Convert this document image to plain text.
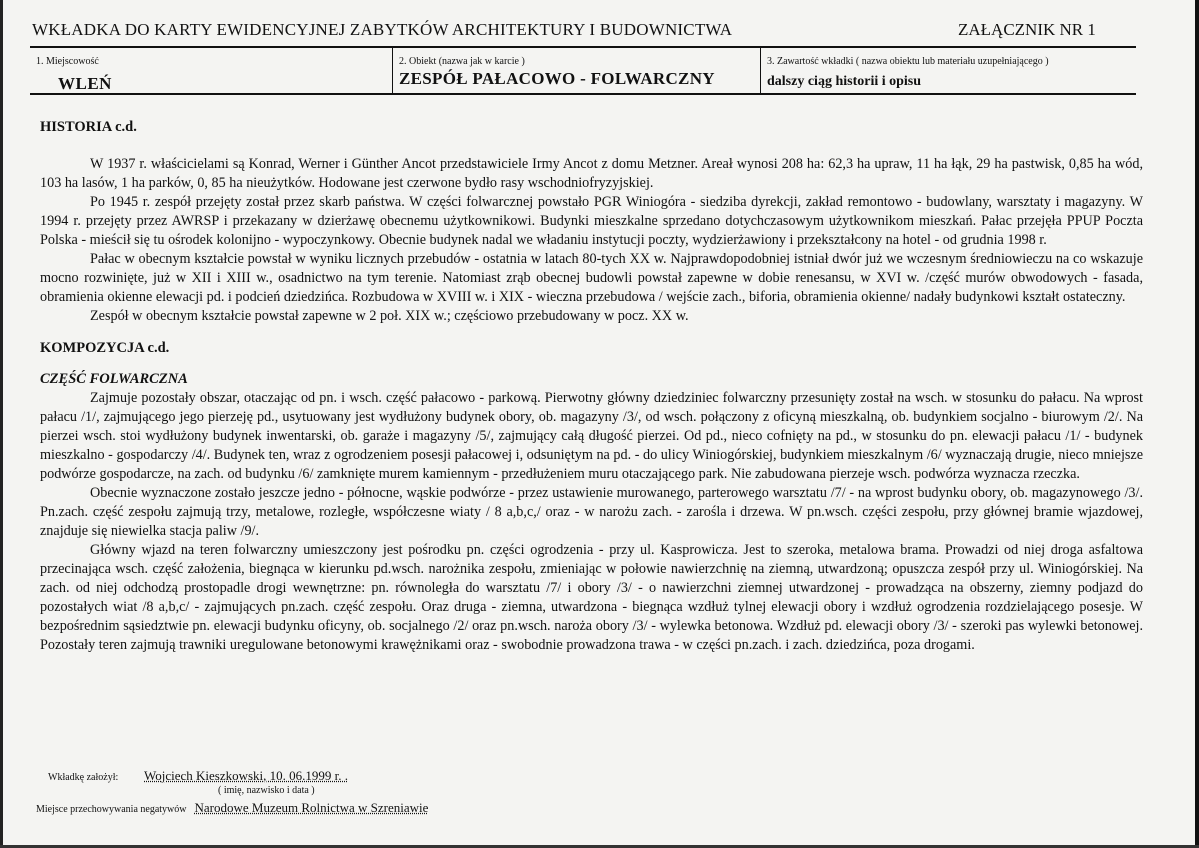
WKŁADKA DO KARTY EWIDENCYJNEJ ZABYTKÓW ARCHITEKTURY I BUDOWNICTWA	ZAŁĄCZNIK NR 1
1. Miejscowość
WLEŃ
2. Obiekt (nazwa jak w karcie )
ZESPÓŁ PAŁACOWO - FOLWARCZNY
3. Zawartość wkładki ( nazwa obiektu lub materiału uzupełniającego )
dalszy ciąg historii i opisu

HISTORIA c.d.

W 1937 r. właścicielami są Konrad, Werner i Günther Ancot przedstawiciele Irmy Ancot z domu Metzner. Areał wynosi 208 ha: 62,3 ha upraw, 11 ha łąk, 29 ha pastwisk, 0,85 ha wód, 103 ha lasów, 1 ha parków, 0, 85 ha nieużytków. Hodowane jest czerwone bydło rasy wschodniofryzyjskiej.

Po 1945 r. zespół przejęty został przez skarb państwa. W części folwarcznej powstało PGR Winiogóra - siedziba dyrekcji, zakład remontowo - budowlany, warsztaty i magazyny. W 1994 r. przejęty przez AWRSP i przekazany w dzierżawę obecnemu użytkownikowi. Budynki mieszkalne sprzedano dotychczasowym użytkownikom mieszkań. Pałac przejęła PPUP Poczta Polska - mieścił się tu ośrodek kolonijno - wypoczynkowy. Obecnie budynek nadal we władaniu instytucji poczty, wydzierżawiony i przekształcony na hotel - od grudnia 1998 r.

Pałac w obecnym kształcie powstał w wyniku licznych przebudów - ostatnia w latach 80-tych XX w. Najprawdopodobniej istniał dwór już we wczesnym średniowieczu na co wskazuje mocno rozwinięte, już w XII i XIII w., osadnictwo na tym terenie. Natomiast zrąb obecnej budowli powstał zapewne w dobie renesansu, w XVI w. /część murów obwodowych - fasada, obramienia okienne elewacji pd. i podcień dziedzińca. Rozbudowa w XVIII w. i XIX - wieczna przebudowa / wejście zach., biforia, obramienia okienne/ nadały budynkowi kształt ostateczny.

Zespół w obecnym kształcie powstał zapewne w 2 poł. XIX w.; częściowo przebudowany w pocz. XX w.

KOMPOZYCJA c.d.

CZĘŚĆ FOLWARCZNA

Zajmuje pozostały obszar, otaczając od pn. i wsch. część pałacowo - parkową. Pierwotny główny dziedziniec folwarczny przesunięty został na wsch. w stosunku do pałacu. Na wprost pałacu /1/, zajmującego jego pierzeję pd., usytuowany jest wydłużony budynek obory, ob. magazyny /3/, od wsch. połączony z oficyną mieszkalną, ob. budynkiem socjalno - biurowym /2/. Na pierzei wsch. stoi wydłużony budynek inwentarski, ob. garaże i magazyny /5/, zajmujący całą długość pierzei. Od pd., nieco cofnięty na pd., w stosunku do pn. elewacji pałacu /1/ - budynek mieszkalno - gospodarczy /4/. Budynek ten, wraz z ogrodzeniem posesji pałacowej i, odsuniętym na pd. - do ulicy Winiogórskiej, budynkiem mieszkalnym /6/ wyznaczają drugie, nieco mniejsze podwórze gospodarcze, na zach. od budynku /6/ zamknięte murem kamiennym - przedłużeniem muru otaczającego park. Nie zabudowana pierzeje wsch. podwórza wyznacza rzeczka.

Obecnie wyznaczone zostało jeszcze jedno - północne, wąskie podwórze - przez ustawienie murowanego, parterowego warsztatu /7/ - na wprost budynku obory, ob. magazynowego /3/. Pn.zach. część zespołu zajmują trzy, metalowe, rozległe, współczesne wiaty / 8 a,b,c,/ oraz - w narożu zach. - zarośla i drzewa. W pn.wsch. części zespołu, przy głównej bramie wjazdowej, znajduje się niewielka stacja paliw /9/.

Główny wjazd na teren folwarczny umieszczony jest pośrodku pn. części ogrodzenia - przy ul. Kasprowicza. Jest to szeroka, metalowa brama. Prowadzi od niej droga asfaltowa przecinająca wsch. część założenia, biegnąca w kierunku pd.wsch. narożnika zespołu, zmieniając w połowie nawierzchnię na ziemną, utwardzoną; opuszcza zespół przy ul. Winiogórskiej. Na zach. od niej odchodzą prostopadle drogi wewnętrzne: pn. równoległa do warsztatu /7/ i obory /3/ - o nawierzchni ziemnej utwardzonej - prowadząca na obszerny, ziemny podjazd do pozostałych wiat /8 a,b,c/ - zajmujących pn.zach. część zespołu. Oraz druga - ziemna, utwardzona - biegnąca wzdłuż tylnej elewacji obory i wzdłuż ogrodzenia rozdzielającego posesje. W bezpośrednim sąsiedztwie pn. elewacji budynku oficyny, ob. socjalnego /2/ oraz pn.wsch. naroża obory /3/ - wylewka betonowa. Wzdłuż pd. elewacji obory /3/ - szeroki pas wylewki betonowej. Pozostały teren zajmują trawniki uregulowane betonowymi krawężnikami oraz - swobodnie prowadzona trawa - w części pn.zach. i zach. dziedzińca, poza drogami.

Wkładkę założył: Wojciech Kieszkowski, 10. 06.1999 r. .
( imię, nazwisko i data )
Miejsce przechowywania negatywów Narodowe Muzeum Rolnictwa w Szreniawie
